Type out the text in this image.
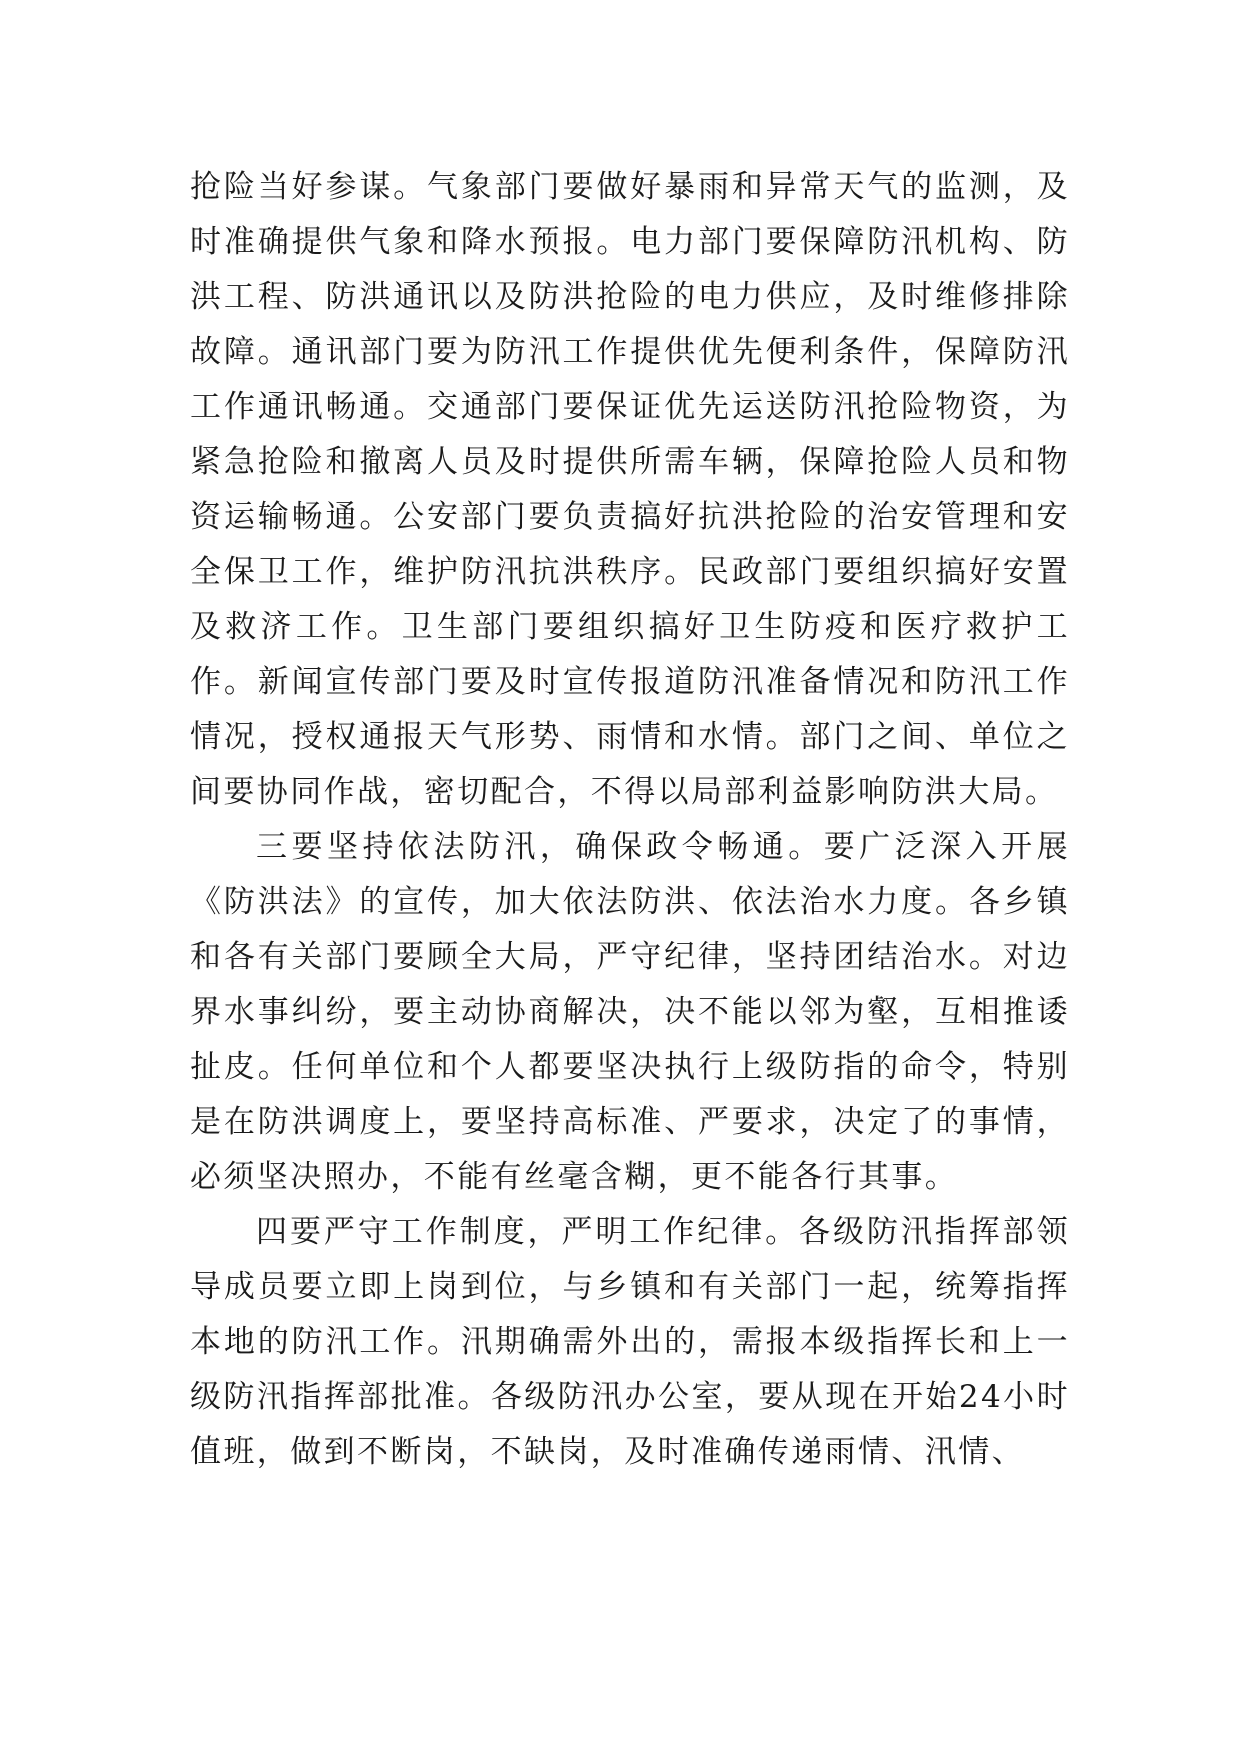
抢险当好参谋。气象部门要做好暴雨和异常天气的监测，及时准确提供气象和降水预报。电力部门要保障防汛机构、防洪工程、防洪通讯以及防洪抢险的电力供应，及时维修排除故障。通讯部门要为防汛工作提供优先便利条件，保障防汛工作通讯畅通。交通部门要保证优先运送防汛抢险物资，为紧急抢险和撤离人员及时提供所需车辆，保障抢险人员和物资运输畅通。公安部门要负责搞好抗洪抢险的治安管理和安全保卫工作，维护防汛抗洪秩序。民政部门要组织搞好安置及救济工作。卫生部门要组织搞好卫生防疫和医疗救护工作。新闻宣传部门要及时宣传报道防汛准备情况和防汛工作情况，授权通报天气形势、雨情和水情。部门之间、单位之间要协同作战，密切配合，不得以局部利益影响防洪大局。

三要坚持依法防汛，确保政令畅通。要广泛深入开展《防洪法》的宣传，加大依法防洪、依法治水力度。各乡镇和各有关部门要顾全大局，严守纪律，坚持团结治水。对边界水事纠纷，要主动协商解决，决不能以邻为壑，互相推诿扯皮。任何单位和个人都要坚决执行上级防指的命令，特别是在防洪调度上，要坚持高标准、严要求，决定了的事情，必须坚决照办，不能有丝毫含糊，更不能各行其事。

四要严守工作制度，严明工作纪律。各级防汛指挥部领导成员要立即上岗到位，与乡镇和有关部门一起，统筹指挥本地的防汛工作。汛期确需外出的，需报本级指挥长和上一级防汛指挥部批准。各级防汛办公室，要从现在开始24小时值班，做到不断岗，不缺岗，及时准确传递雨情、汛情、
